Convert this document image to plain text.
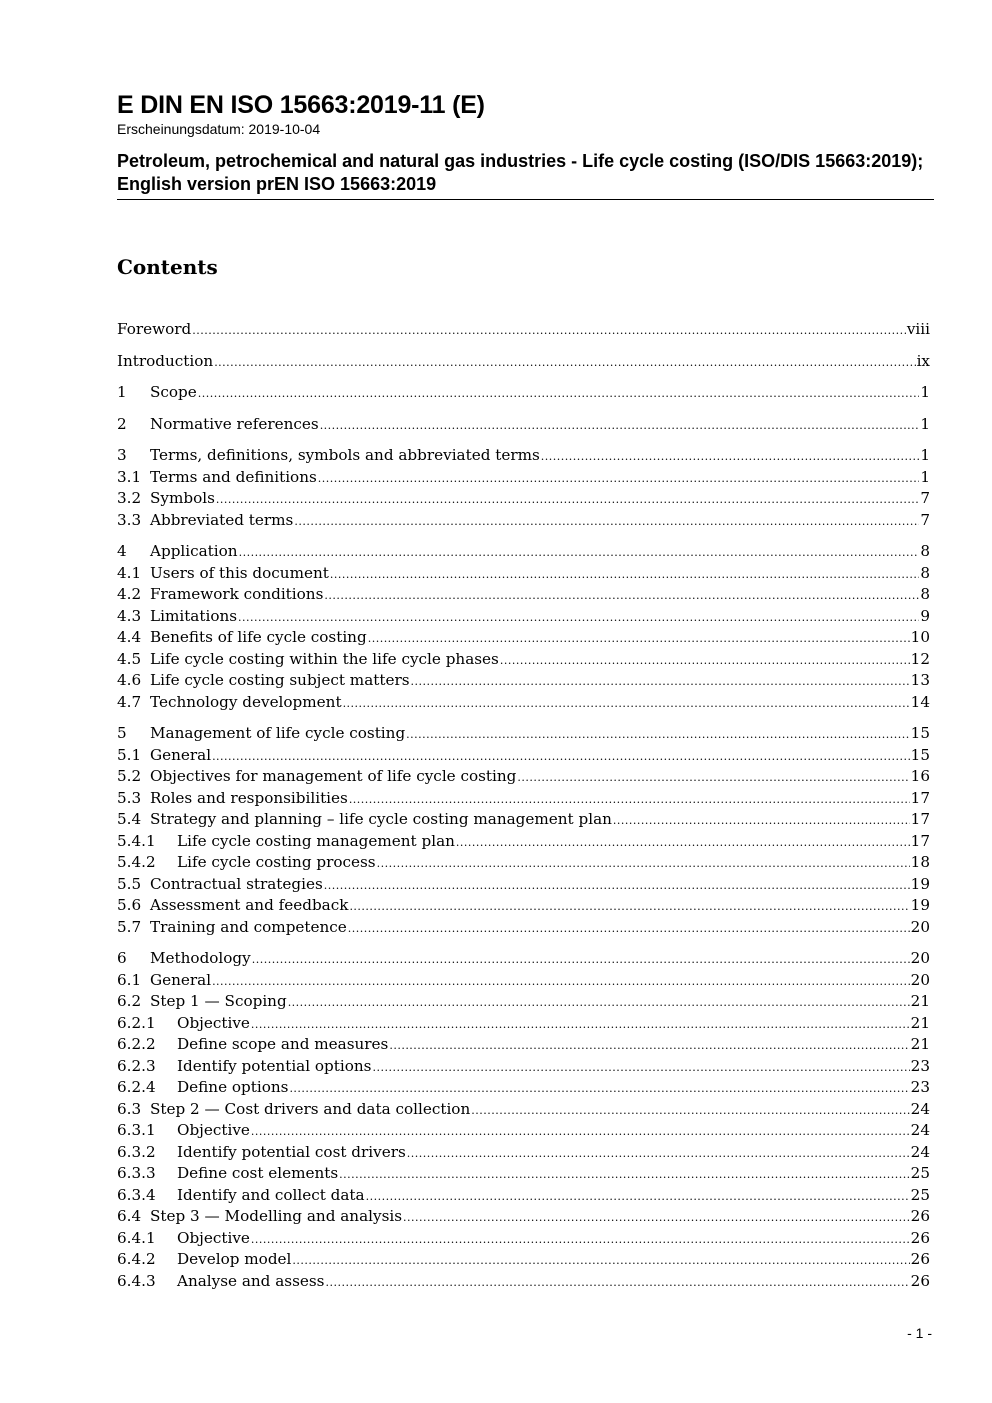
E DIN EN ISO 15663:2019-11 (E)
Erscheinungsdatum: 2019-10-04
Petroleum, petrochemical and natural gas industries - Life cycle costing (ISO/DIS 15663:2019); English version prEN ISO 15663:2019
Contents
Foreword .....	viii
Introduction .....	ix
1	Scope .....	1
2	Normative references .....	1
3	Terms, definitions, symbols and abbreviated terms .....	1
3.1 Terms and definitions .....	1
3.2 Symbols .....	7
3.3 Abbreviated terms .....	7
4	Application .....	8
4.1 Users of this document .....	8
4.2 Framework conditions .....	8
4.3 Limitations .....	9
4.4 Benefits of life cycle costing .....	10
4.5 Life cycle costing within the life cycle phases .....	12
4.6 Life cycle costing subject matters .....	13
4.7 Technology development .....	14
5	Management of life cycle costing .....	15
5.1 General .....	15
5.2 Objectives for management of life cycle costing .....	16
5.3 Roles and responsibilities .....	17
5.4 Strategy and planning – life cycle costing management plan .....	17
5.4.1	Life cycle costing management plan .....	17
5.4.2	Life cycle costing process .....	18
5.5 Contractual strategies .....	19
5.6 Assessment and feedback .....	19
5.7 Training and competence .....	20
6	Methodology .....	20
6.1 General .....	20
6.2 Step 1 — Scoping .....	21
6.2.1	Objective .....	21
6.2.2	Define scope and measures .....	21
6.2.3	Identify potential options .....	23
6.2.4	Define options .....	23
6.3 Step 2 — Cost drivers and data collection .....	24
6.3.1	Objective .....	24
6.3.2	Identify potential cost drivers .....	24
6.3.3	Define cost elements .....	25
6.3.4	Identify and collect data .....	25
6.4 Step 3 — Modelling and analysis .....	26
6.4.1	Objective .....	26
6.4.2	Develop model .....	26
6.4.3	Analyse and assess .....	26
- 1 -
